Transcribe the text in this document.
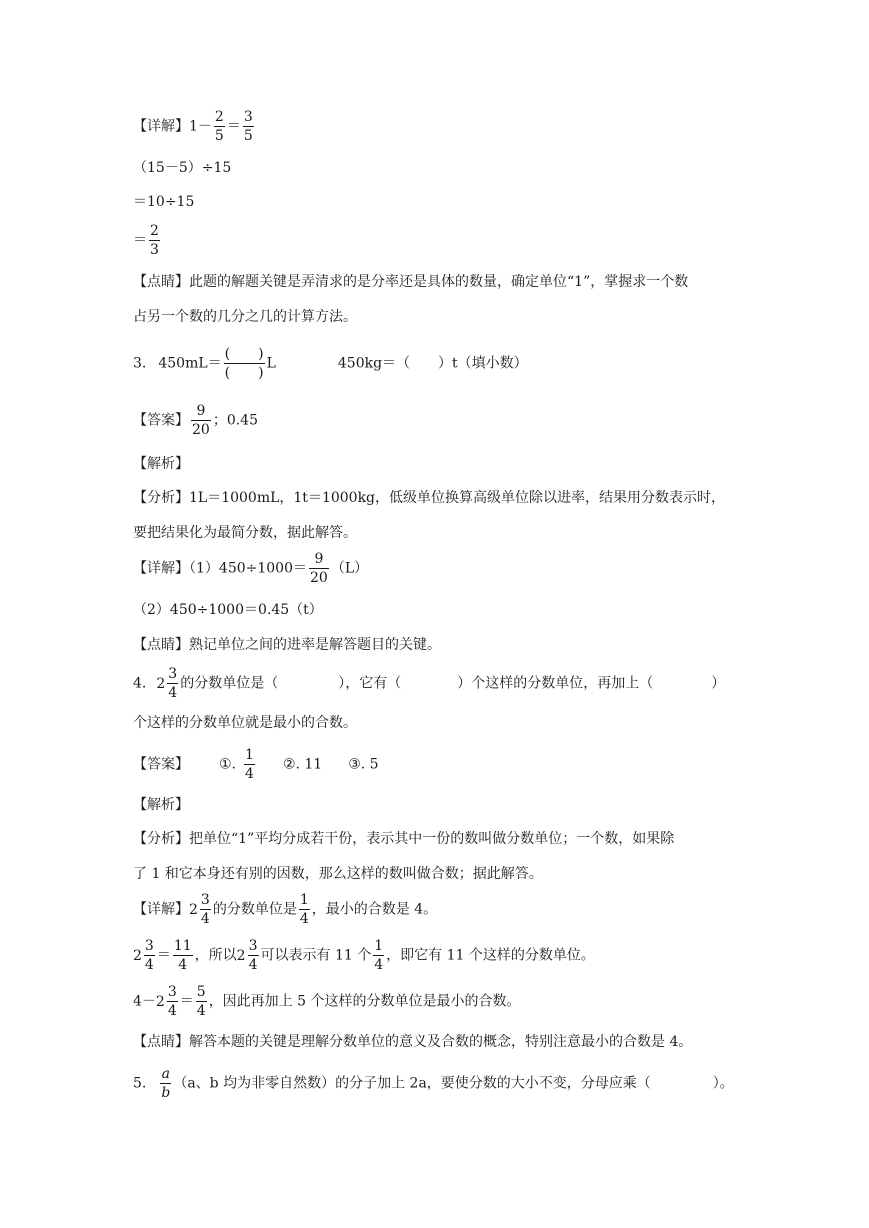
【详解】$1- \frac{2}{5} = \frac{3}{5}$
（15－5）÷15
＝10÷15
＝ $\frac{2}{3}$
【点睛】此题的解题关键是弄清求的是分率还是具体的数量，确定单位“1”，掌握求一个数
占另一个数的几分之几的计算方法。
3. 450mL＝
(　　)
(　　)
L	450kg＝（　　）t（填小数）
【答案】 $\frac{9}{20}$ ；0.45
【解析】
【分析】1L＝1000mL，1t＝1000kg，低级单位换算高级单位除以进率，结果用分数表示时，
要把结果化为最简分数，据此解答。
【详解】$(1)450\div 1000= \frac{9}{20} (L)$
（2）450÷1000＝0.45（t）
【点睛】熟记单位之间的进率是解答题目的关键。
4. 2
3
4
的分数单位是（	），它有（	）个这样的分数单位，再加上（	）
个这样的分数单位就是最小的合数。
【答案】 ①. $\frac{1}{4}$ ②. 11 ③. 5
【解析】
【分析】把单位“1”平均分成若干份，表示其中一份的数叫做分数单位；一个数，如果除
了 1 和它本身还有别的因数，那么这样的数叫做合数；据此解答。
【详解】 2
3
4
的分数单位是 $\frac{1}{4}$ ，最小的合数是 4。
2
3
4
＝ $\frac{11}{4}$ ，所以 2
3
4
可以表示有 11 个 $\frac{1}{4}$ ，即它有 11 个这样的分数单位。
4－ 2
3
4
＝ $\frac{5}{4}$ ，因此再加上 5 个这样的分数单位是最小的合数。
【点睛】解答本题的关键是理解分数单位的意义及合数的概念，特别注意最小的合数是 4。
5. $\frac{a}{b} (a$、b 均为非零自然数）的分子加上 2a，要使分数的大小不变，分母应乘（	）。
